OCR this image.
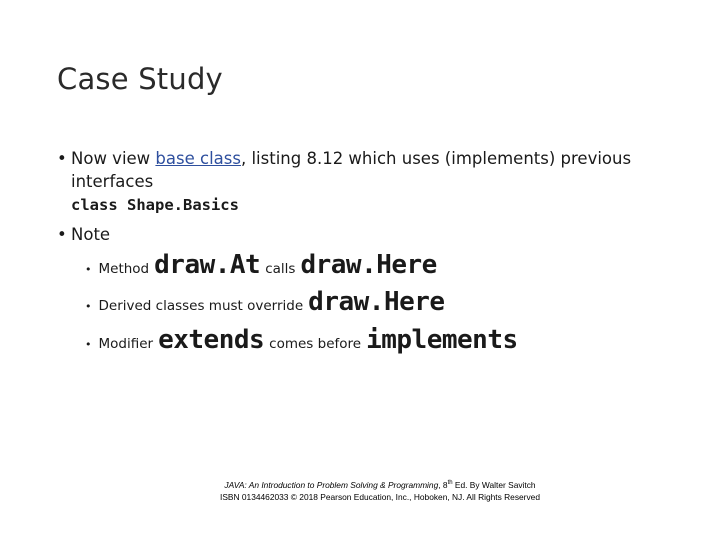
Case Study
• Now view base class, listing 8.12 which uses (implements) previous
interfaces
class Shape.Basics
• Note
• Method draw.At calls draw.Here
• Derived classes must override draw.Here
• Modifier extends comes before implements
JAVA: An Introduction to Problem Solving & Programming, 8th Ed. By Walter Savitch
ISBN 0134462033 © 2018 Pearson Education, Inc., Hoboken, NJ. All Rights Reserved
